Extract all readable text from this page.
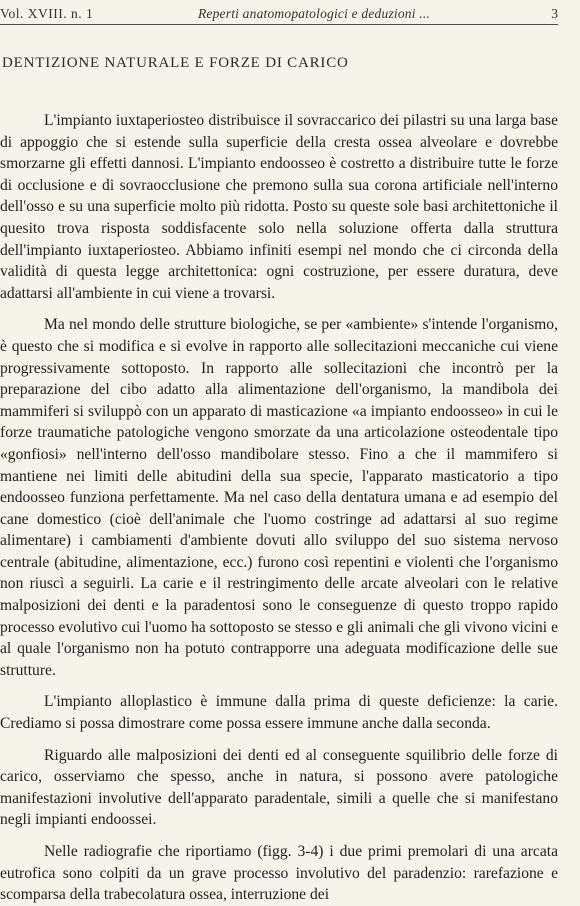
Vol. XVIII. n. 1	Reperti anatomopatologici e deduzioni ...	3
DENTIZIONE NATURALE E FORZE DI CARICO

L'impianto iuxtaperiosteo distribuisce il sovraccarico dei pilastri su una larga base di appoggio che si estende sulla superficie della cresta ossea alveolare e dovrebbe smorzarne gli effetti dannosi. L'impianto endoosseo è costretto a distribuire tutte le forze di occlusione e di sovraocclusione che premono sulla sua corona artificiale nell'interno dell'osso e su una superficie molto più ridotta. Posto su queste sole basi architettoniche il quesito trova risposta soddisfacente solo nella soluzione offerta dalla struttura dell'impianto iuxtaperiosteo. Abbiamo infiniti esempi nel mondo che ci circonda della validità di questa legge architettonica: ogni costruzione, per essere duratura, deve adattarsi all'ambiente in cui viene a trovarsi.

Ma nel mondo delle strutture biologiche, se per «ambiente» s'intende l'organismo, è questo che si modifica e si evolve in rapporto alle sollecitazioni meccaniche cui viene progressivamente sottoposto. In rapporto alle sollecitazioni che incontrò per la preparazione del cibo adatto alla alimentazione dell'organismo, la mandibola dei mammiferi si sviluppò con un apparato di masticazione «a impianto endoosseo» in cui le forze traumatiche patologiche vengono smorzate da una articolazione osteodentale tipo «gonfiosi» nell'interno dell'osso mandibolare stesso. Fino a che il mammifero si mantiene nei limiti delle abitudini della sua specie, l'apparato masticatorio a tipo endoosseo funziona perfettamente. Ma nel caso della dentatura umana e ad esempio del cane domestico (cioè dell'animale che l'uomo costringe ad adattarsi al suo regime alimentare) i cambiamenti d'ambiente dovuti allo sviluppo del suo sistema nervoso centrale (abitudine, alimentazione, ecc.) furono così repentini e violenti che l'organismo non riuscì a seguirli. La carie e il restringimento delle arcate alveolari con le relative malposizioni dei denti e la paradentosi sono le conseguenze di questo troppo rapido processo evolutivo cui l'uomo ha sottoposto se stesso e gli animali che gli vivono vicini e al quale l'organismo non ha potuto contrapporre una adeguata modificazione delle sue strutture.

L'impianto alloplastico è immune dalla prima di queste deficienze: la carie. Crediamo si possa dimostrare come possa essere immune anche dalla seconda.

Riguardo alle malposizioni dei denti ed al conseguente squilibrio delle forze di carico, osserviamo che spesso, anche in natura, si possono avere patologiche manifestazioni involutive dell'apparato paradentale, simili a quelle che si manifestano negli impianti endoossei.

Nelle radiografie che riportiamo (figg. 3-4) i due primi premolari di una arcata eutrofica sono colpiti da un grave processo involutivo del paradenzio: rarefazione e scomparsa della trabecolatura ossea, interruzione dei
